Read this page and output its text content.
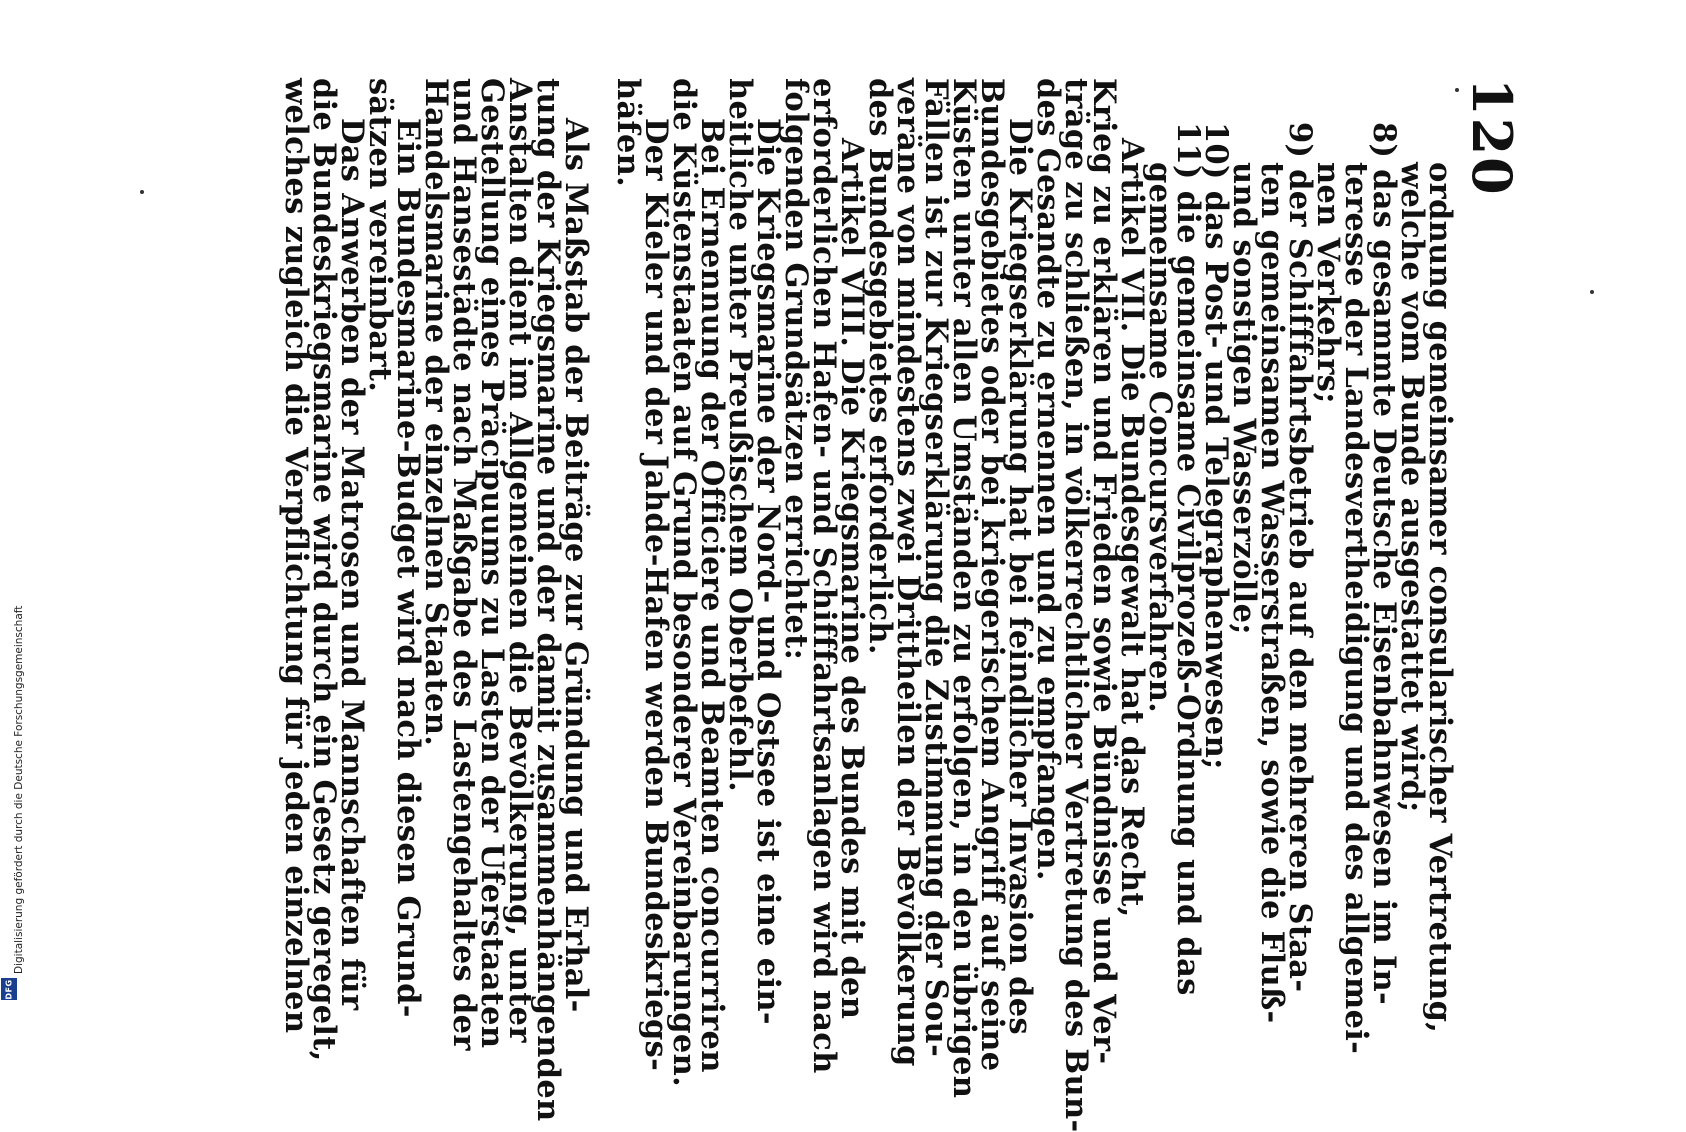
120
ordnung gemeinsamer consularischer Vertretung,
welche vom Bunde ausgestattet wird;
8) das gesammte Deutsche Eisenbahnwesen im In-
teresse der Landesvertheidigung und des allgemei-
nen Verkehrs;
9) der Schifffahrtsbetrieb auf den mehreren Staa-
ten gemeinsamen Wasserstraßen, sowie die Fluß-
und sonstigen Wasserzölle;
10) das Post- und Telegraphenwesen;
11) die gemeinsame Civilprozeß-Ordnung und das
gemeinsame Concursverfahren.
Artikel VII. Die Bundesgewalt hat das Recht,
Krieg zu erklären und Frieden sowie Bündnisse und Ver-
träge zu schließen, in völkerrechtlicher Vertretung des Bun-
des Gesandte zu ernennen und zu empfangen.
Die Kriegserklärung hat bei feindlicher Invasion des
Bundesgebietes oder bei kriegerischem Angriff auf seine
Küsten unter allen Umständen zu erfolgen, in den übrigen
Fällen ist zur Kriegserklärung die Zustimmung der Sou-
veräne von mindestens zwei Drittheilen der Bevölkerung
des Bundesgebietes erforderlich.
Artikel VIII. Die Kriegsmarine des Bundes mit den
erforderlichen Hafen- und Schifffahrtsanlagen wird nach
folgenden Grundsätzen errichtet:
Die Kriegsmarine der Nord- und Ostsee ist eine ein-
heitliche unter Preußischem Oberbefehl.
Bei Ernennung der Officiere und Beamten concurriren
die Küstenstaaten auf Grund besonderer Vereinbarungen.
Der Kieler und der Jahde-Hafen werden Bundeskriegs-
häfen.
Als Maßstab der Beiträge zur Gründung und Erhal-
tung der Kriegsmarine und der damit zusammenhängenden
Anstalten dient im Allgemeinen die Bevölkerung, unter
Gestellung eines Präcipuums zu Lasten der Uferstaaten
und Hansestädte nach Maßgabe des Lastengehaltes der
Handelsmarine der einzelnen Staaten.
Ein Bundesmarine-Budget wird nach diesen Grund-
sätzen vereinbart.
Das Anwerben der Matrosen und Mannschaften für
die Bundeskriegsmarine wird durch ein Gesetz geregelt,
welches zugleich die Verpflichtung für jeden einzelnen
Digitalisierung gefördert durch die Deutsche Forschungsgemeinschaft
DFG
